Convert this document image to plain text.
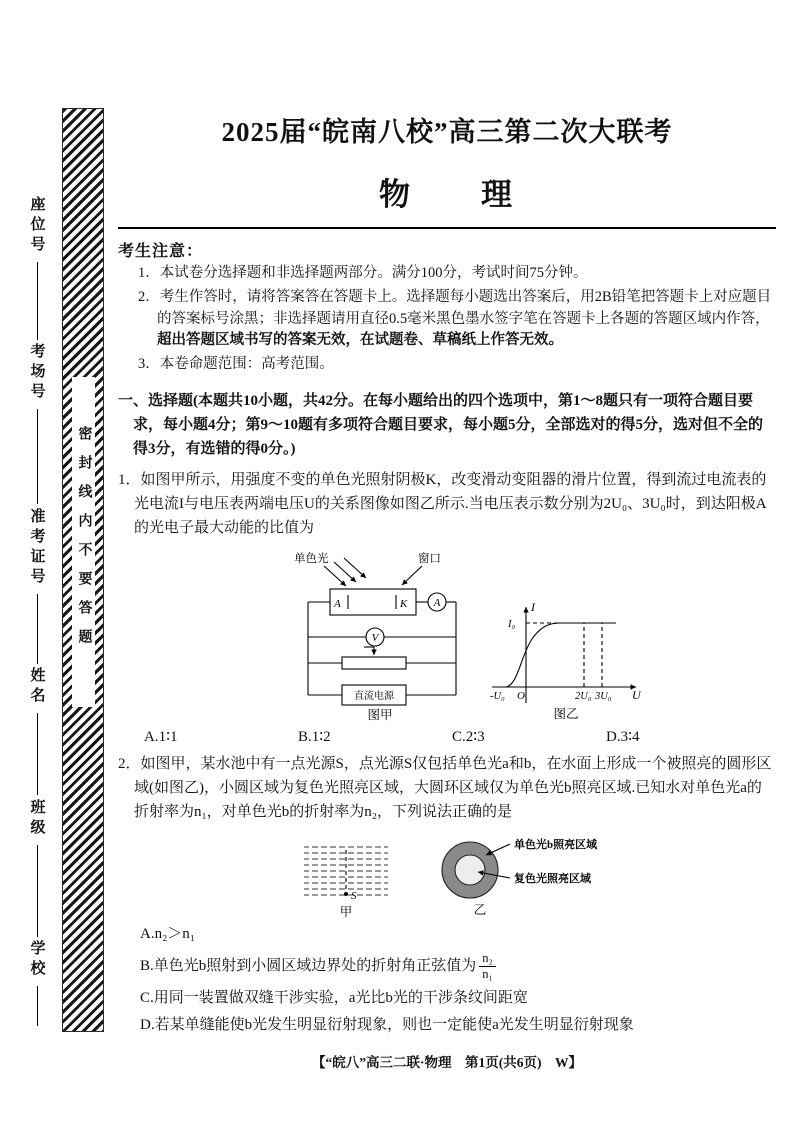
座位号
考场号
准考证号
姓名
班级
学校
密封线内不要答题
2025届“皖南八校”高三第二次大联考
物　　理
考生注意：

1．本试卷分选择题和非选择题两部分。满分100分，考试时间75分钟。

2．考生作答时，请将答案答在答题卡上。选择题每小题选出答案后，用2B铅笔把答题卡上对应题目的答案标号涂黑；非选择题请用直径0.5毫米黑色墨水签字笔在答题卡上各题的答题区域内作答，超出答题区域书写的答案无效，在试题卷、草稿纸上作答无效。

3．本卷命题范围：高考范围。

一、选择题(本题共10小题，共42分。在每小题给出的四个选项中，第1～8题只有一项符合题目要求，每小题4分；第9～10题有多项符合题目要求，每小题5分，全部选对的得5分，选对但不全的得3分，有选错的得0分。)

1．如图甲所示，用强度不变的单色光照射阴极K，改变滑动变阻器的滑片位置，得到流过电流表的光电流I与电压表两端电压U的关系图像如图乙所示.当电压表示数分别为2U₀、3U₀时，到达阳极A的光电子最大动能的比值为

单色光	窗口
A	K A
V
直流电源
图甲
I
I₀
-U₀ O	2U₀ 3U₀ U
图乙
A.1∶1	B.1∶2	C.2∶3	D.3∶4

2．如图甲，某水池中有一点光源S，点光源S仅包括单色光a和b，在水面上形成一个被照亮的圆形区域(如图乙)，小圆区域为复色光照亮区域，大圆环区域仅为单色光b照亮区域.已知水对单色光a的折射率为n₁，对单色光b的折射率为n₂，下列说法正确的是

S
甲
单色光b照亮区域
复色光照亮区域
乙

A.n₂＞n₁

B.单色光b照射到小圆区域边界处的折射角正弦值为 $\frac{\text{n₂}}{\text{n₁}}$

C.用同一装置做双缝干涉实验，a光比b光的干涉条纹间距宽

D.若某单缝能使b光发生明显衍射现象，则也一定能使a光发生明显衍射现象

【“皖八”高三二联·物理　第1页(共6页)　W】
